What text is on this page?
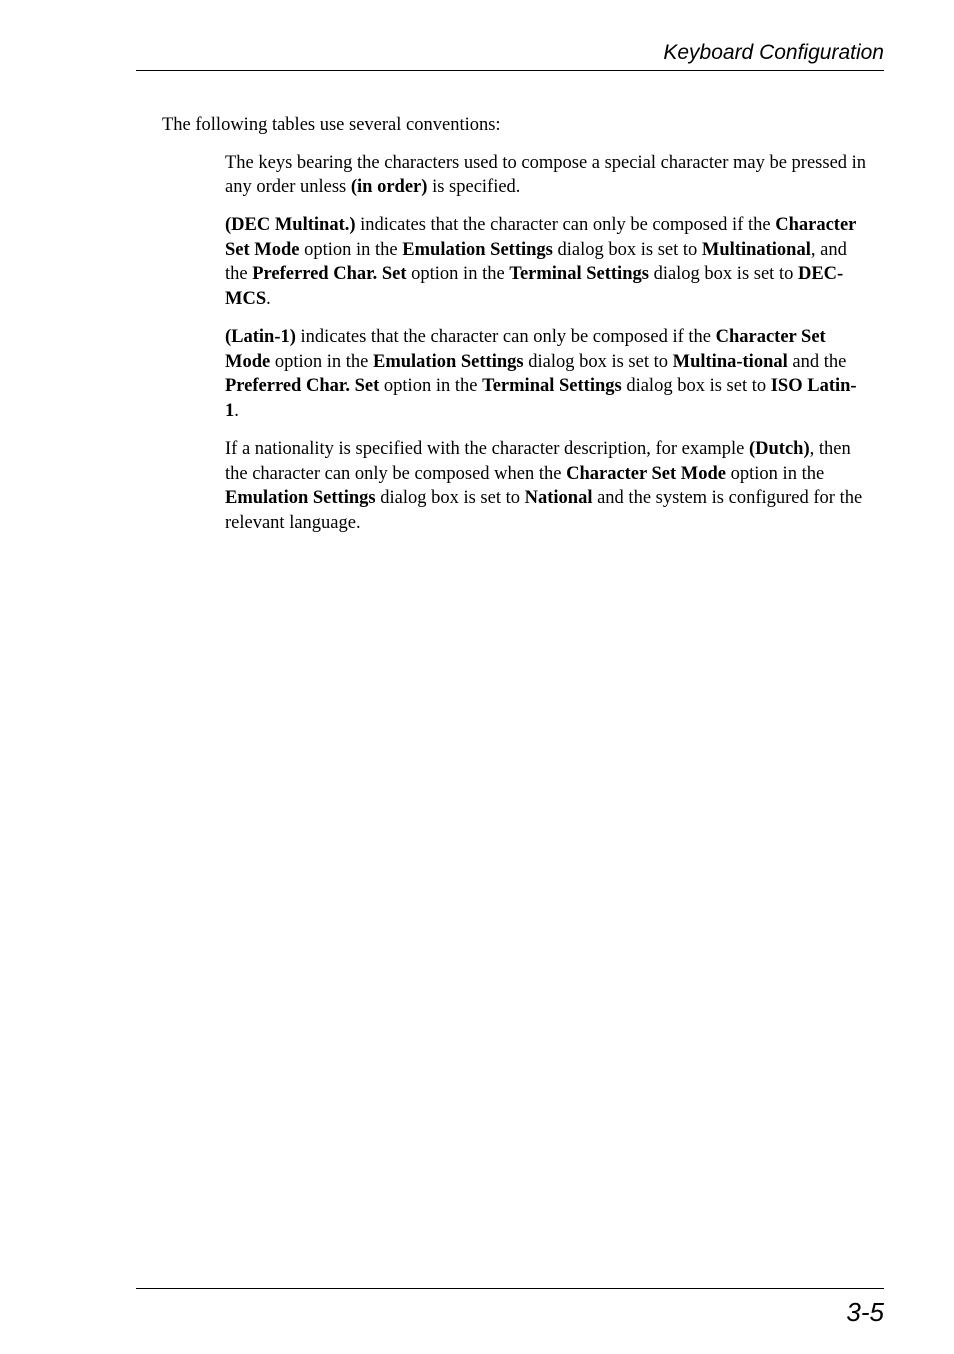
Keyboard Configuration

The following tables use several conventions:

The keys bearing the characters used to compose a special character may be pressed in any order unless (in order) is specified.

(DEC Multinat.) indicates that the character can only be composed if the Character Set Mode option in the Emulation Settings dialog box is set to Multinational, and the Preferred Char. Set option in the Terminal Settings dialog box is set to DEC-MCS.

(Latin-1) indicates that the character can only be composed if the Character Set Mode option in the Emulation Settings dialog box is set to Multina-tional and the Preferred Char. Set option in the Terminal Settings dialog box is set to ISO Latin-1.

If a nationality is specified with the character description, for example (Dutch), then the character can only be composed when the Character Set Mode option in the Emulation Settings dialog box is set to National and the system is configured for the relevant language.

3-5
